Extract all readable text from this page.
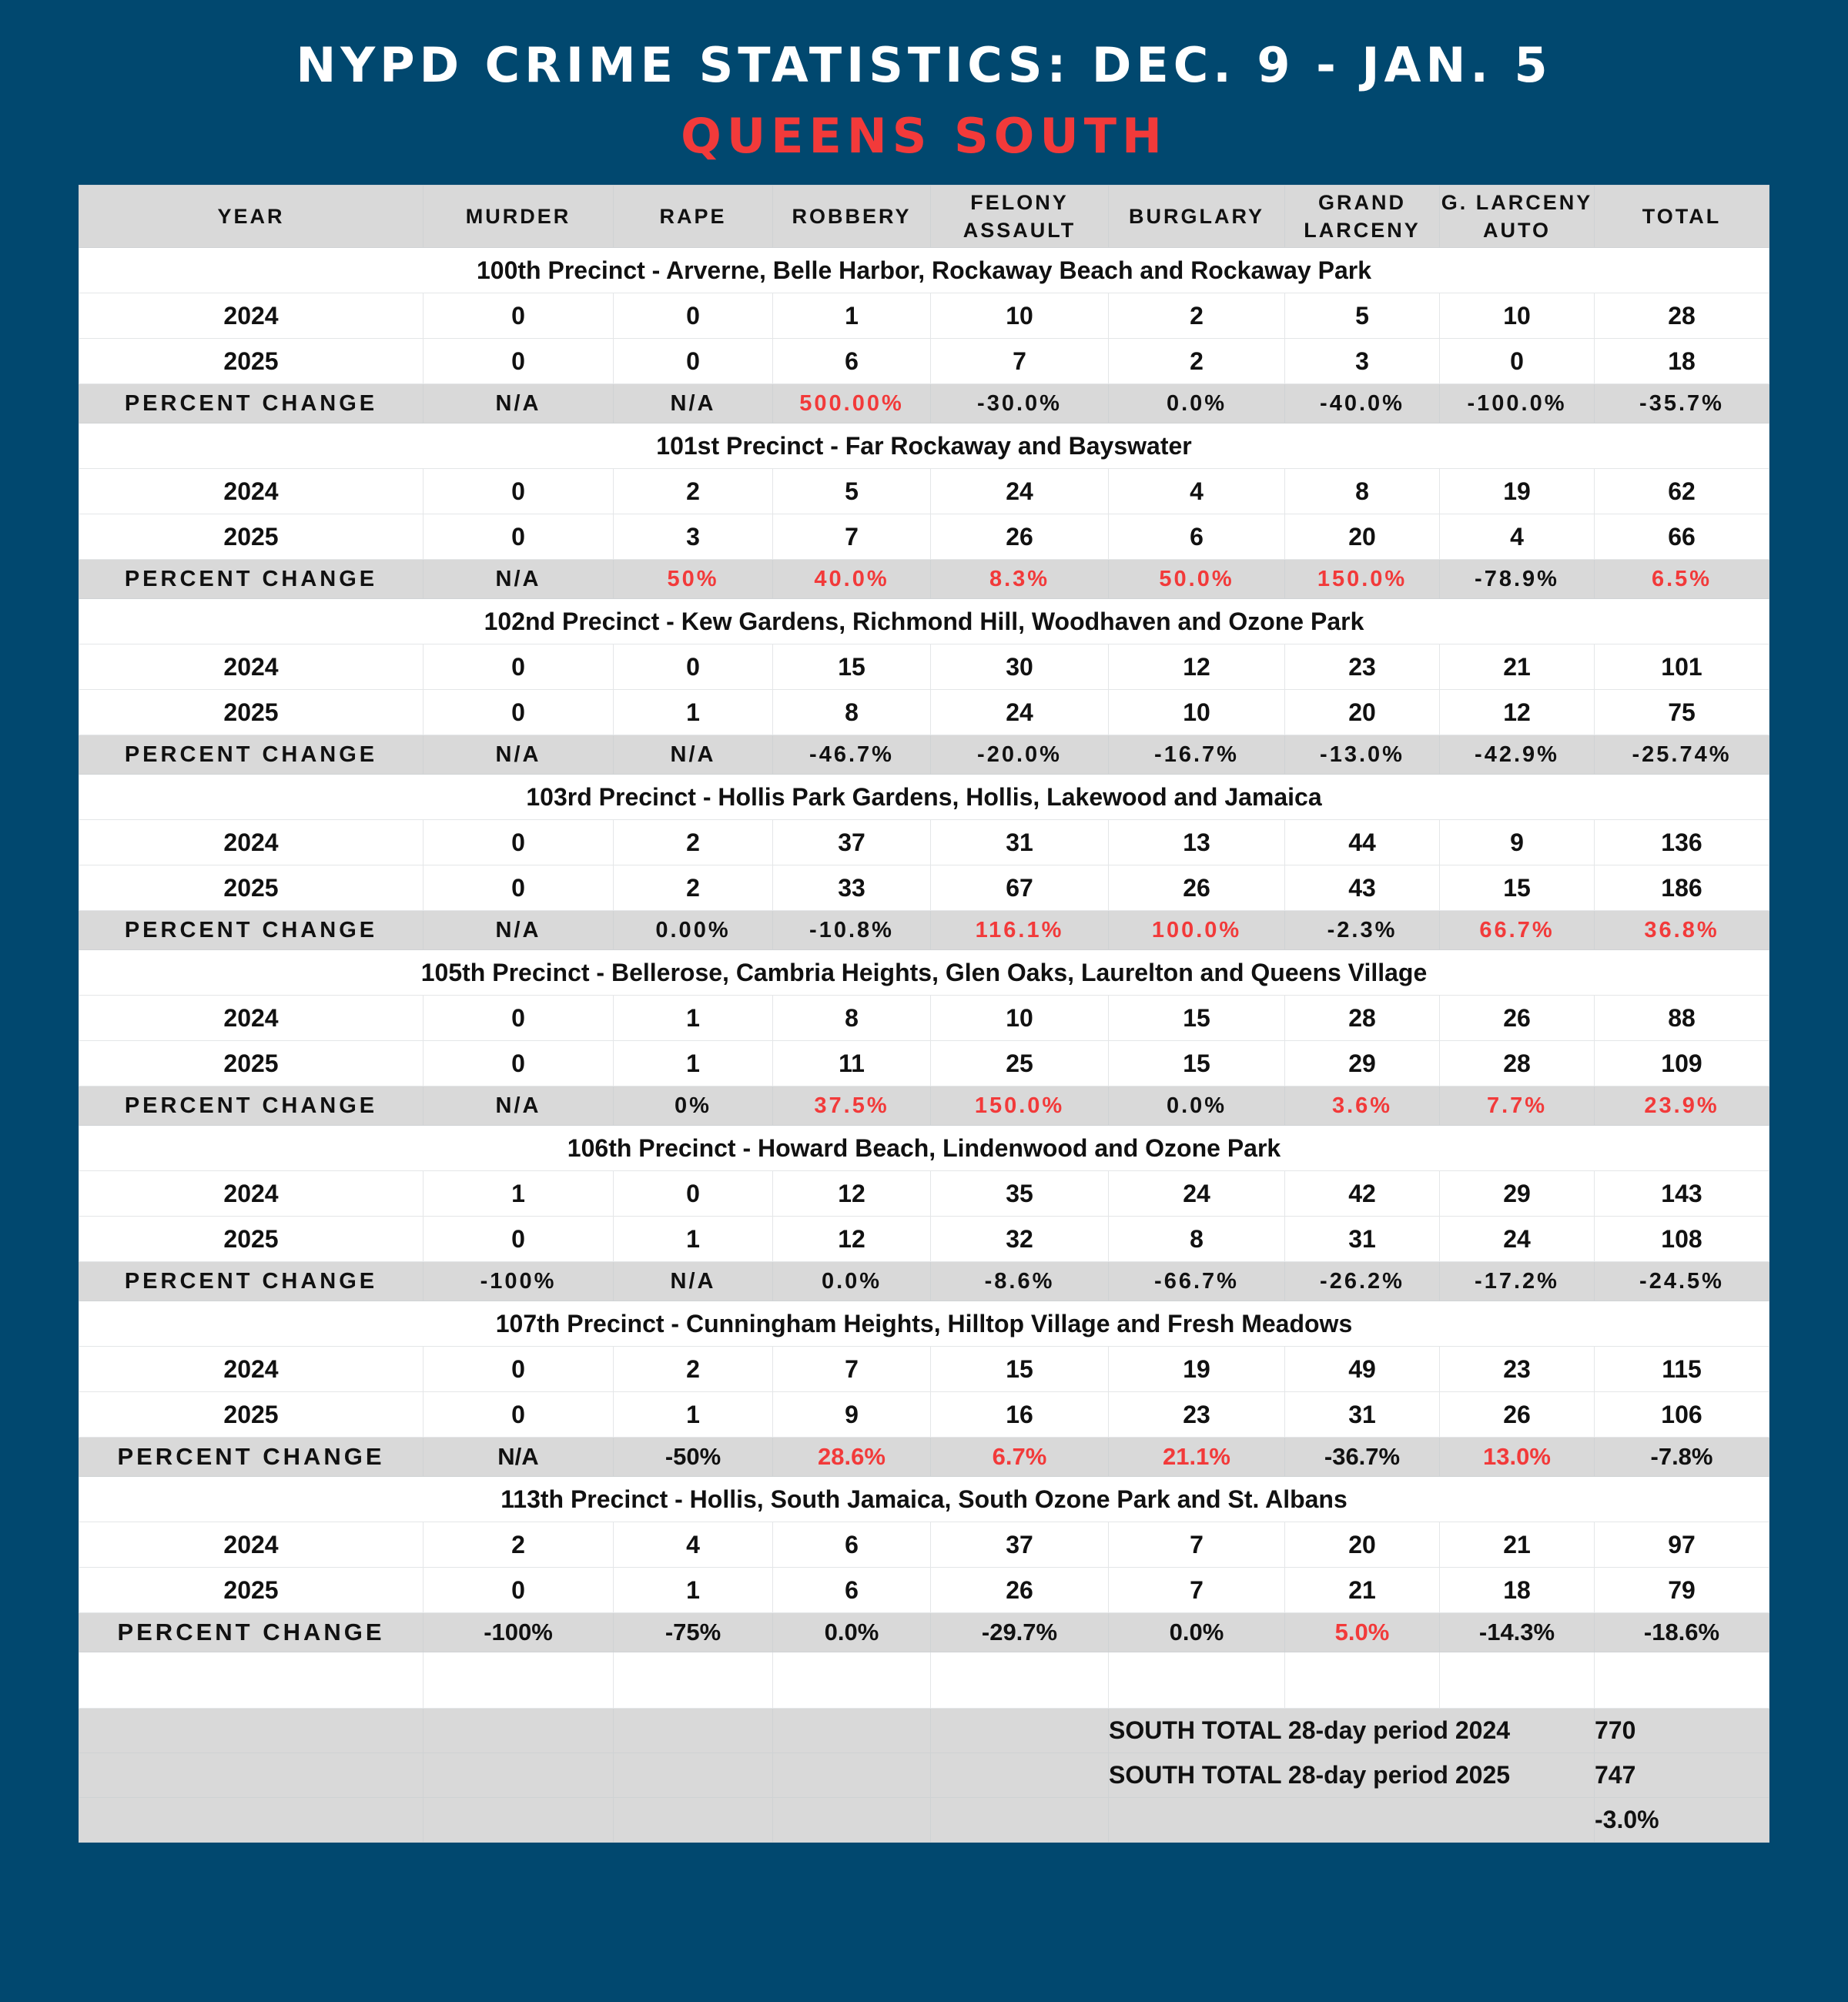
NYPD CRIME STATISTICS: DEC. 9 - JAN. 5
QUEENS SOUTH
YEAR	MURDER	RAPE	ROBBERY	FELONY ASSAULT	BURGLARY	GRAND LARCENY	G. LARCENY AUTO	TOTAL
100th Precinct - Arverne, Belle Harbor, Rockaway Beach and Rockaway Park								
2024	0	0	1	10	2	5	10	28
2025	0	0	6	7	2	3	0	18
PERCENT CHANGE	N/A	N/A	500.00%	-30.0%	0.0%	-40.0%	-100.0%	-35.7%
101st Precinct - Far Rockaway and Bayswater								
2024	0	2	5	24	4	8	19	62
2025	0	3	7	26	6	20	4	66
PERCENT CHANGE	N/A	50%	40.0%	8.3%	50.0%	150.0%	-78.9%	6.5%
102nd Precinct - Kew Gardens, Richmond Hill, Woodhaven and Ozone Park								
2024	0	0	15	30	12	23	21	101
2025	0	1	8	24	10	20	12	75
PERCENT CHANGE	N/A	N/A	-46.7%	-20.0%	-16.7%	-13.0%	-42.9%	-25.74%
103rd Precinct - Hollis Park Gardens, Hollis, Lakewood and Jamaica								
2024	0	2	37	31	13	44	9	136
2025	0	2	33	67	26	43	15	186
PERCENT CHANGE	N/A	0.00%	-10.8%	116.1%	100.0%	-2.3%	66.7%	36.8%
105th Precinct - Bellerose, Cambria Heights, Glen Oaks, Laurelton and Queens Village								
2024	0	1	8	10	15	28	26	88
2025	0	1	11	25	15	29	28	109
PERCENT CHANGE	N/A	0%	37.5%	150.0%	0.0%	3.6%	7.7%	23.9%
106th Precinct - Howard Beach, Lindenwood and Ozone Park								
2024	1	0	12	35	24	42	29	143
2025	0	1	12	32	8	31	24	108
PERCENT CHANGE	-100%	N/A	0.0%	-8.6%	-66.7%	-26.2%	-17.2%	-24.5%
107th Precinct - Cunningham Heights, Hilltop Village and Fresh Meadows								
2024	0	2	7	15	19	49	23	115
2025	0	1	9	16	23	31	26	106
PERCENT CHANGE	N/A	-50%	28.6%	6.7%	21.1%	-36.7%	13.0%	-7.8%
113th Precinct - Hollis, South Jamaica, South Ozone Park and St. Albans								
2024	2	4	6	37	7	20	21	97
2025	0	1	6	26	7	21	18	79
PERCENT CHANGE	-100%	-75%	0.0%	-29.7%	0.0%	5.0%	-14.3%	-18.6%

					SOUTH TOTAL 28-day period 2024			770
					SOUTH TOTAL 28-day period 2025			747
								-3.0%
